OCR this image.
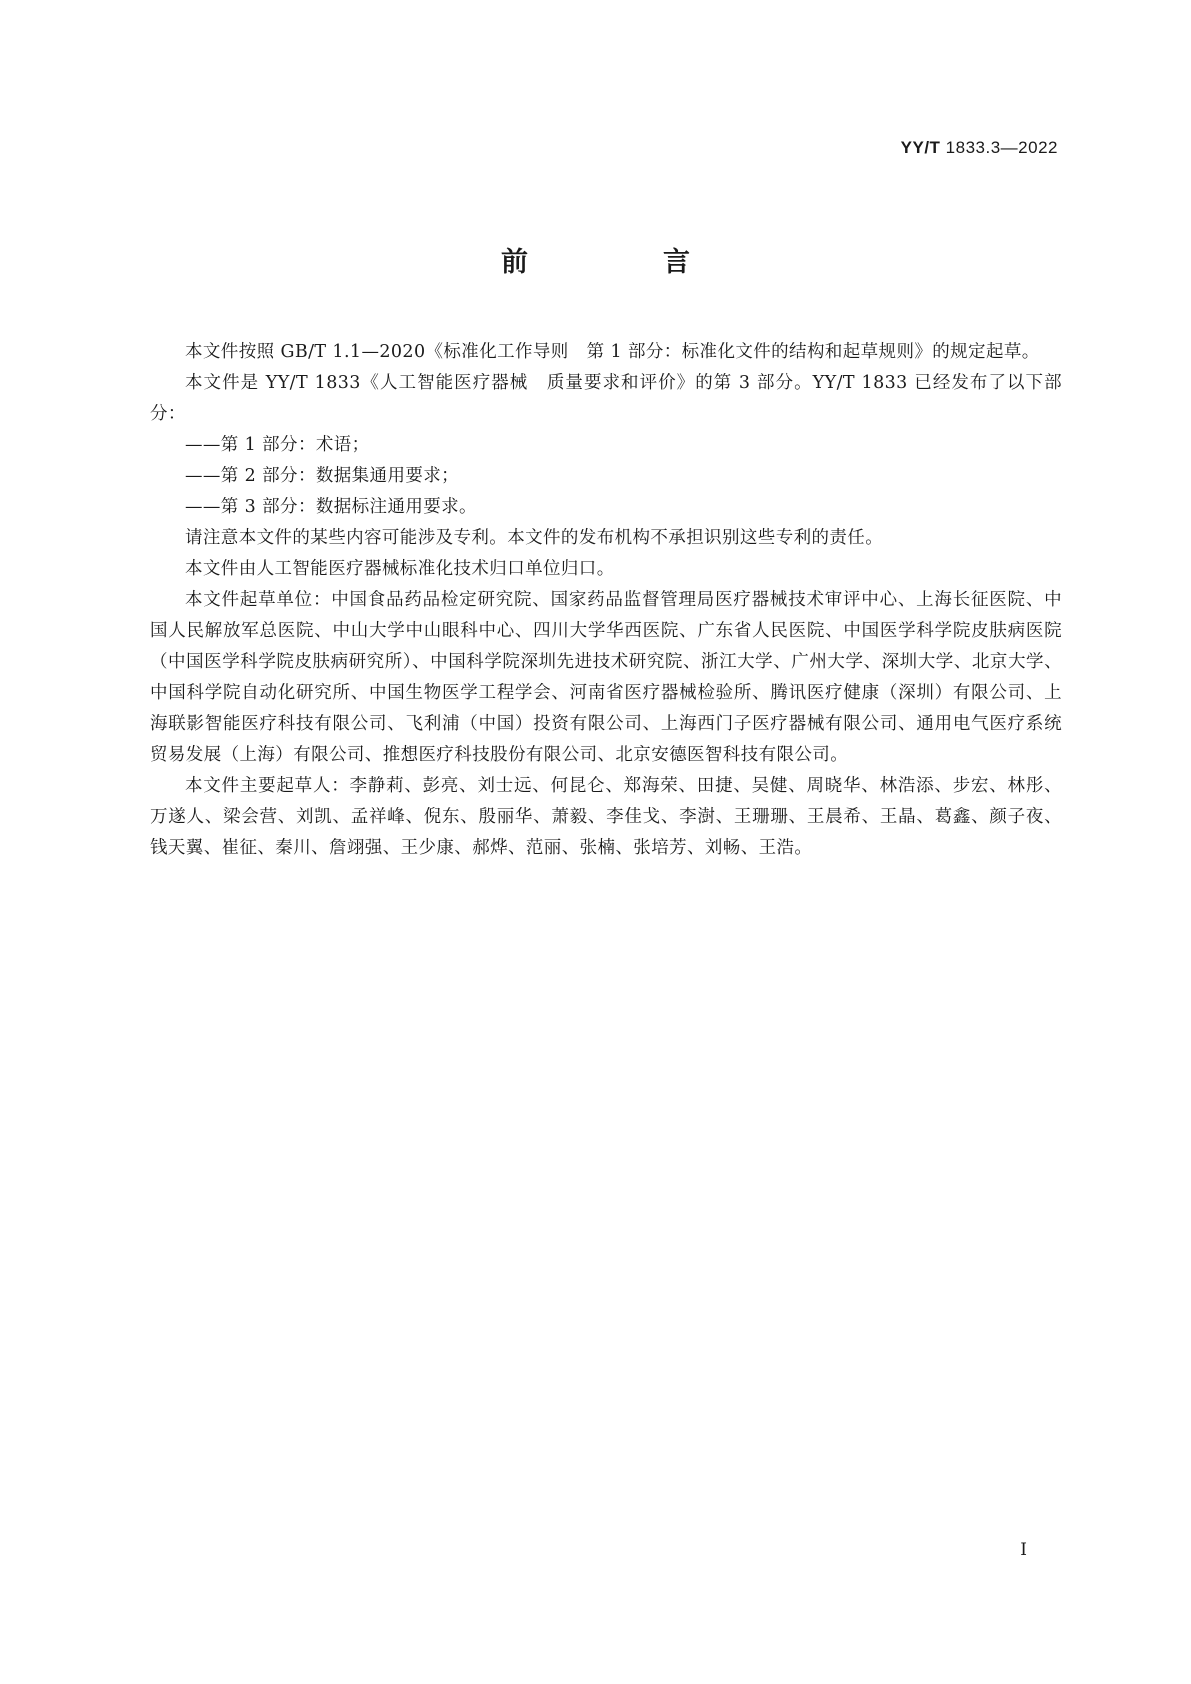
YY/T 1833.3—2022
前　言

本文件按照 GB/T 1.1—2020《标准化工作导则　第 1 部分：标准化文件的结构和起草规则》的规定起草。

本文件是 YY/T 1833《人工智能医疗器械　质量要求和评价》的第 3 部分。YY/T 1833 已经发布了以下部分：

——第 1 部分：术语；

——第 2 部分：数据集通用要求；

——第 3 部分：数据标注通用要求。

请注意本文件的某些内容可能涉及专利。本文件的发布机构不承担识别这些专利的责任。

本文件由人工智能医疗器械标准化技术归口单位归口。

本文件起草单位：中国食品药品检定研究院、国家药品监督管理局医疗器械技术审评中心、上海长征医院、中国人民解放军总医院、中山大学中山眼科中心、四川大学华西医院、广东省人民医院、中国医学科学院皮肤病医院（中国医学科学院皮肤病研究所）、中国科学院深圳先进技术研究院、浙江大学、广州大学、深圳大学、北京大学、中国科学院自动化研究所、中国生物医学工程学会、河南省医疗器械检验所、腾讯医疗健康（深圳）有限公司、上海联影智能医疗科技有限公司、飞利浦（中国）投资有限公司、上海西门子医疗器械有限公司、通用电气医疗系统贸易发展（上海）有限公司、推想医疗科技股份有限公司、北京安德医智科技有限公司。

本文件主要起草人：李静莉、彭亮、刘士远、何昆仑、郑海荣、田捷、吴健、周晓华、林浩添、步宏、林彤、万遂人、梁会营、刘凯、孟祥峰、倪东、殷丽华、萧毅、李佳戈、李澍、王珊珊、王晨希、王晶、葛鑫、颜子夜、钱天翼、崔征、秦川、詹翊强、王少康、郝烨、范丽、张楠、张培芳、刘畅、王浩。

I
